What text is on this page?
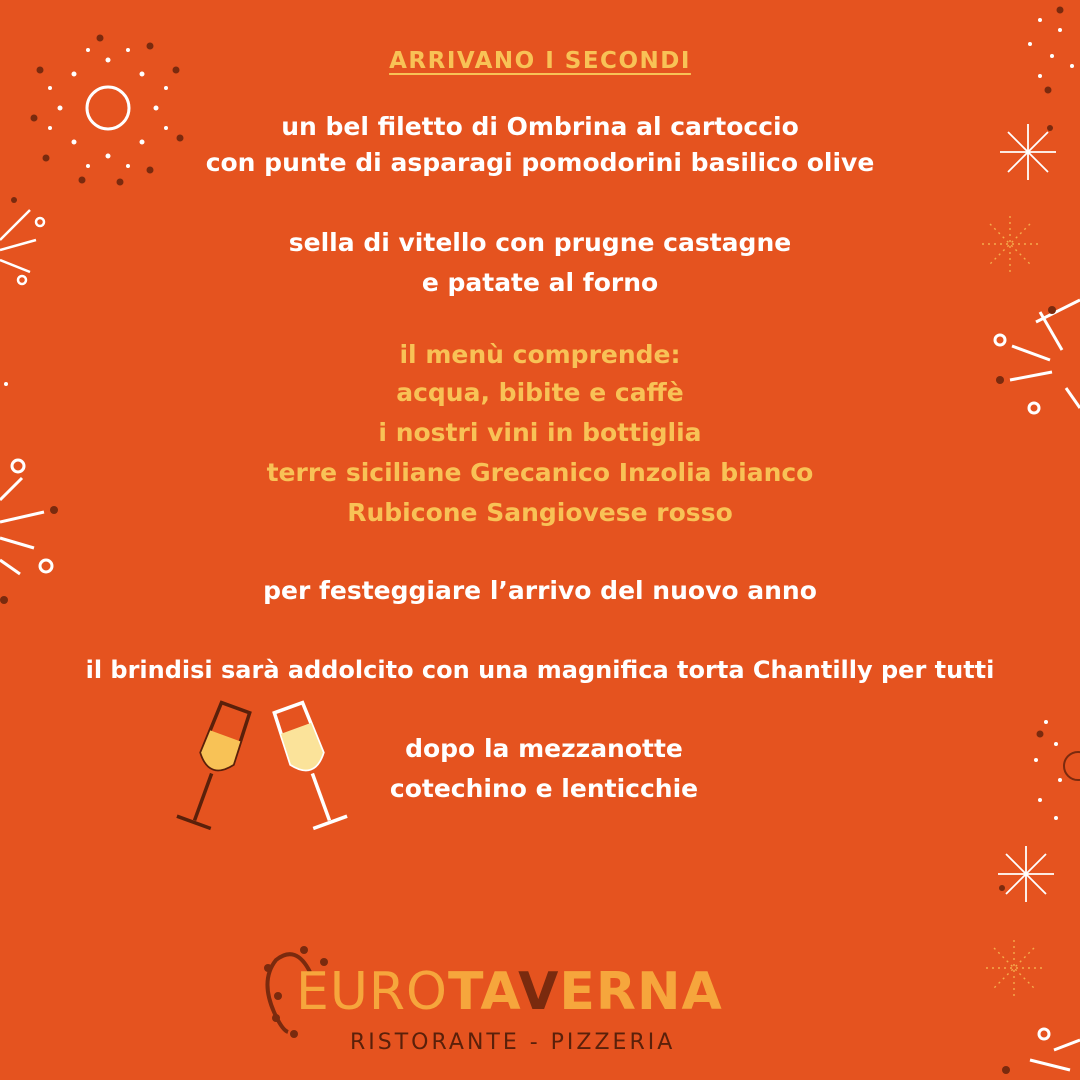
ARRIVANO I SECONDI
un bel filetto di Ombrina al cartoccio
con punte di asparagi pomodorini basilico olive
sella di vitello con prugne castagne
e patate al forno
il menù comprende:
acqua, bibite e caffè
i nostri vini in bottiglia
terre siciliane Grecanico Inzolia bianco
Rubicone Sangiovese rosso
per festeggiare l’arrivo del nuovo anno
il brindisi sarà addolcito con una magnifica torta Chantilly per tutti
dopo la mezzanotte
cotechino e lenticchie
EUROTAVERNA
RISTORANTE - PIZZERIA
